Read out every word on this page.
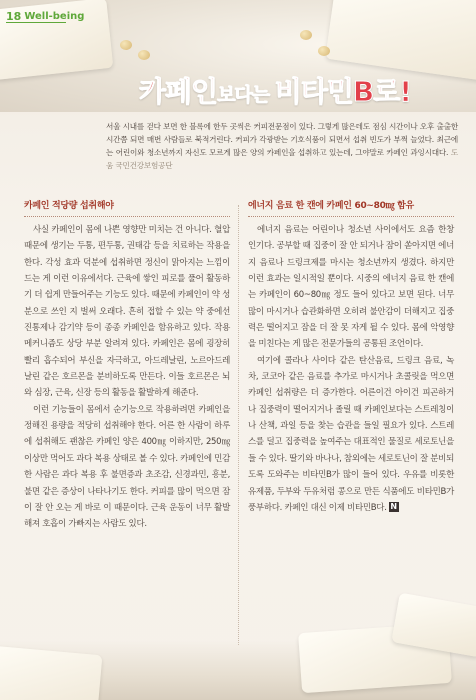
18 Well-being
카페인보다는 비타민B로!
서울 시내를 걷다 보면 한 블록에 한두 곳씩은 커피전문점이 있다. 그렇게 많은데도 점심 시간이나 오후 출출한 시간쯤 되면 매번 사람들로 북적거린다. 커피가 각광받는 기호식품이 되면서 섭취 빈도가 부쩍 늘었다. 최근에는 어린이와 청소년까지 자신도 모르게 많은 양의 카페인을 섭취하고 있는데, 그야말로 카페인 과잉시대다. 도움 국민건강보험공단
카페인 적당량 섭취해야

사실 카페인이 몸에 나쁜 영향만 미치는 건 아니다. 혈압 때문에 생기는 두통, 편두통, 권태감 등을 치료하는 작용을 한다. 각성 효과 덕분에 섭취하면 정신이 맑아지는 느낌이 드는 게 이런 이유에서다. 근육에 쌓인 피로를 풀어 활동하기 더 쉽게 만들어주는 기능도 있다. 때문에 카페인이 약 성분으로 쓰인 지 벌써 오래다. 흔히 접할 수 있는 약 중에선 진통제나 감기약 등이 종종 카페인을 함유하고 있다. 작용 메커니즘도 상당 부분 알려져 있다. 카페인은 몸에 굉장히 빨리 흡수되어 부신을 자극하고, 아드레날린, 노르아드레날린 같은 호르몬을 분비하도록 만든다. 이들 호르몬은 뇌와 심장, 근육, 신장 등의 활동을 활발하게 해준다.

이런 기능들이 몸에서 순기능으로 작용하려면 카페인을 정해진 용량을 적당히 섭취해야 한다. 어른 한 사람이 하루에 섭취해도 괜찮은 카페인 양은 400㎎ 이하지만, 250㎎ 이상만 먹어도 과다 복용 상태로 볼 수 있다. 카페인에 민감한 사람은 과다 복용 후 불면증과 초조감, 신경과민, 흥분, 불면 같은 증상이 나타나기도 한다. 커피를 많이 먹으면 잠이 잘 안 오는 게 바로 이 때문이다. 근육 운동이 너무 활발해져 호흡이 가빠지는 사람도 있다.

에너지 음료 한 캔에 카페인 60~80㎎ 함유

에너지 음료는 어린이나 청소년 사이에서도 요즘 한창 인기다. 공부할 때 집중이 잘 안 되거나 잠이 쏟아지면 에너지 음료나 드링크제를 마시는 청소년까지 생겼다. 하지만 이런 효과는 일시적일 뿐이다. 시중의 에너지 음료 한 캔에는 카페인이 60~80㎎ 정도 들어 있다고 보면 된다. 너무 많이 마시거나 습관화하면 오히려 불안감이 더해지고 집중력은 떨어지고 잠을 더 잘 못 자게 될 수 있다. 몸에 악영향을 미친다는 게 많은 전문가들의 공통된 조언이다.

여기에 콜라나 사이다 같은 탄산음료, 드링크 음료, 녹차, 코코아 같은 음료를 추가로 마시거나 초콜릿을 먹으면 카페인 섭취량은 더 증가한다. 어른이건 아이건 피곤하거나 집중력이 떨어지거나 졸릴 때 카페인보다는 스트레칭이나 산책, 과일 등을 찾는 습관을 들일 필요가 있다. 스트레스를 덜고 집중력을 높여주는 대표적인 물질로 세로토닌을 들 수 있다. 딸기와 바나나, 참외에는 세로토닌이 잘 분비되도록 도와주는 비타민B가 많이 들어 있다. 우유를 비롯한 유제품, 두부와 두유처럼 콩으로 만든 식품에도 비타민B가 풍부하다. 카페인 대신 이제 비타민B다. N
